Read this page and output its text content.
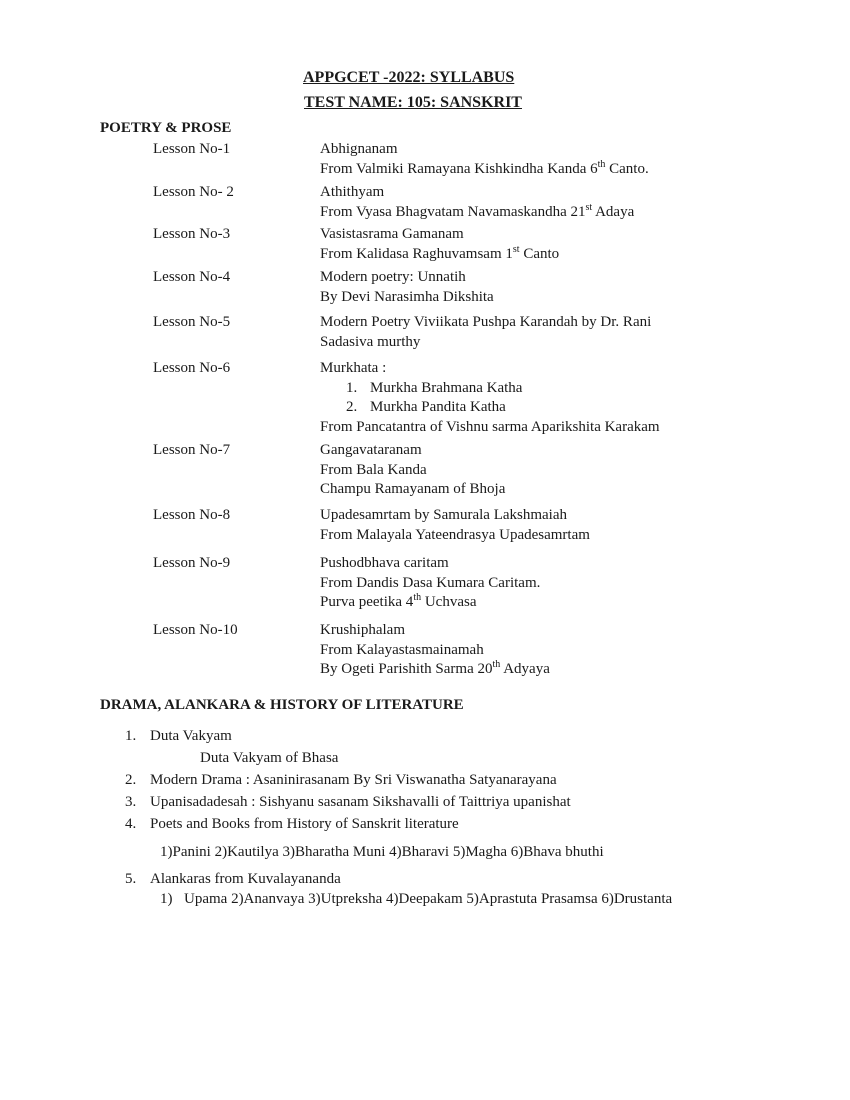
APPGCET -2022: SYLLABUS
TEST NAME: 105: SANSKRIT
POETRY & PROSE
Lesson No-1	Abhignanam
From Valmiki Ramayana Kishkindha Kanda 6th Canto.
Lesson No- 2	Athithyam
From Vyasa Bhagvatam Navamaskandha 21st Adaya
Lesson No-3	Vasistasrama Gamanam
From Kalidasa Raghuvamsam 1st Canto
Lesson No-4	Modern poetry: Unnatih
By Devi Narasimha Dikshita
Lesson No-5	Modern Poetry Viviikata Pushpa Karandah by Dr. Rani
Sadasiva murthy
Lesson No-6	Murkhata :
1. Murkha Brahmana Katha
2. Murkha Pandita Katha
From Pancatantra of Vishnu sarma Aparikshita Karakam
Lesson No-7	Gangavataranam
From Bala Kanda
Champu Ramayanam of Bhoja
Lesson No-8	Upadesamrtam by Samurala Lakshmaiah
From Malayala Yateendrasya Upadesamrtam
Lesson No-9	Pushodbhava caritam
From Dandis Dasa Kumara Caritam.
Purva peetika 4th Uchvasa
Lesson No-10	Krushiphalam
From Kalayastasmainamah
By Ogeti Parishith Sarma 20th Adyaya
DRAMA, ALANKARA & HISTORY OF LITERATURE
1. Duta Vakyam
Duta Vakyam of Bhasa
2. Modern Drama : Asaninirasanam By Sri Viswanatha Satyanarayana
3. Upanisadadesah : Sishyanu sasanam Sikshavalli of Taittriya upanishat
4. Poets and Books from History of Sanskrit literature
1)Panini 2)Kautilya 3)Bharatha Muni 4)Bharavi 5)Magha 6)Bhava bhuthi
5. Alankaras from Kuvalayananda
1) Upama 2)Ananvaya 3)Utpreksha 4)Deepakam 5)Aprastuta Prasamsa 6)Drustanta
